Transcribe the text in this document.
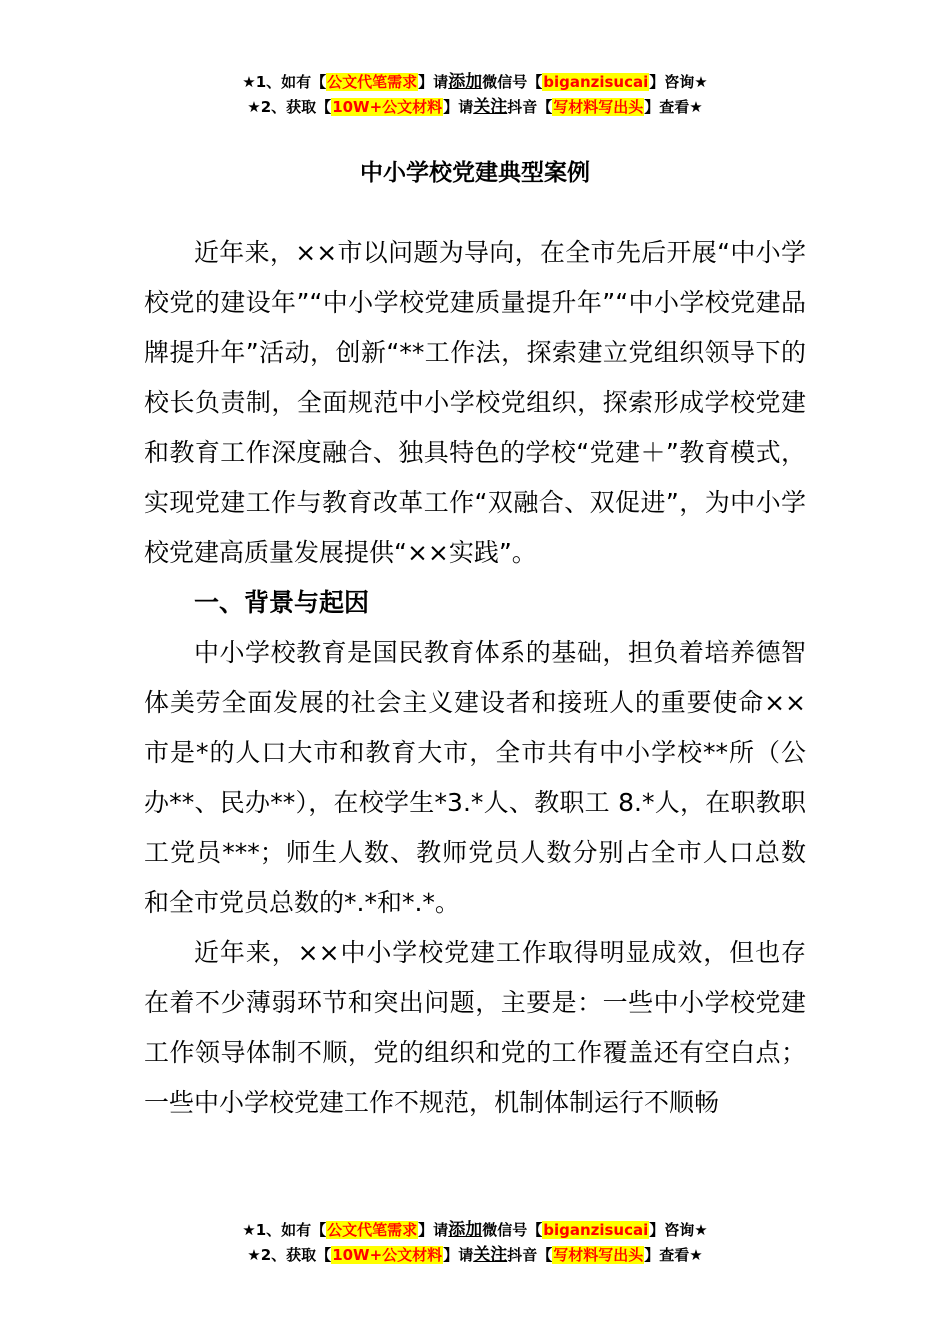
★1、如有【公文代笔需求】请添加微信号【biganzisucai】咨询★
★2、获取【10W+公文材料】请关注抖音【写材料写出头】查看★
中小学校党建典型案例

近年来，××市以问题为导向，在全市先后开展“中小学校党的建设年”“中小学校党建质量提升年”“中小学校党建品牌提升年”活动，创新“**工作法，探索建立党组织领导下的校长负责制，全面规范中小学校党组织，探索形成学校党建和教育工作深度融合、独具特色的学校“党建＋”教育模式，实现党建工作与教育改革工作“双融合、双促进”，为中小学校党建高质量发展提供“××实践”。

一、背景与起因

中小学校教育是国民教育体系的基础，担负着培养德智体美劳全面发展的社会主义建设者和接班人的重要使命××市是*的人口大市和教育大市，全市共有中小学校**所（公办**、民办**），在校学生*3.*人、教职工 8.*人，在职教职工党员***；师生人数、教师党员人数分别占全市人口总数和全市党员总数的*.*和*.*。

近年来，××中小学校党建工作取得明显成效，但也存在着不少薄弱环节和突出问题，主要是：一些中小学校党建工作领导体制不顺，党的组织和党的工作覆盖还有空白点；一些中小学校党建工作不规范，机制体制运行不顺畅

★1、如有【公文代笔需求】请添加微信号【biganzisucai】咨询★
★2、获取【10W+公文材料】请关注抖音【写材料写出头】查看★
